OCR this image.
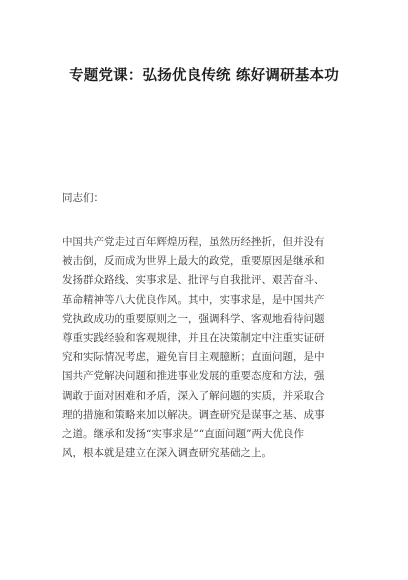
专题党课：弘扬优良传统 练好调研基本功
同志们：
中国共产党走过百年辉煌历程，虽然历经挫折，但并没有
被击倒，反而成为世界上最大的政党，重要原因是继承和
发扬群众路线、实事求是、批评与自我批评、艰苦奋斗、
革命精神等八大优良作风。其中，实事求是，是中国共产
党执政成功的重要原则之一，强调科学、客观地看待问题
尊重实践经验和客观规律，并且在决策制定中注重实证研
究和实际情况考虑，避免盲目主观臆断；直面问题，是中
国共产党解决问题和推进事业发展的重要态度和方法，强
调敢于面对困难和矛盾，深入了解问题的实质，并采取合
理的措施和策略来加以解决。调查研究是谋事之基、成事
之道。继承和发扬“实事求是”“直面问题”两大优良作
风，根本就是建立在深入调查研究基础之上。
